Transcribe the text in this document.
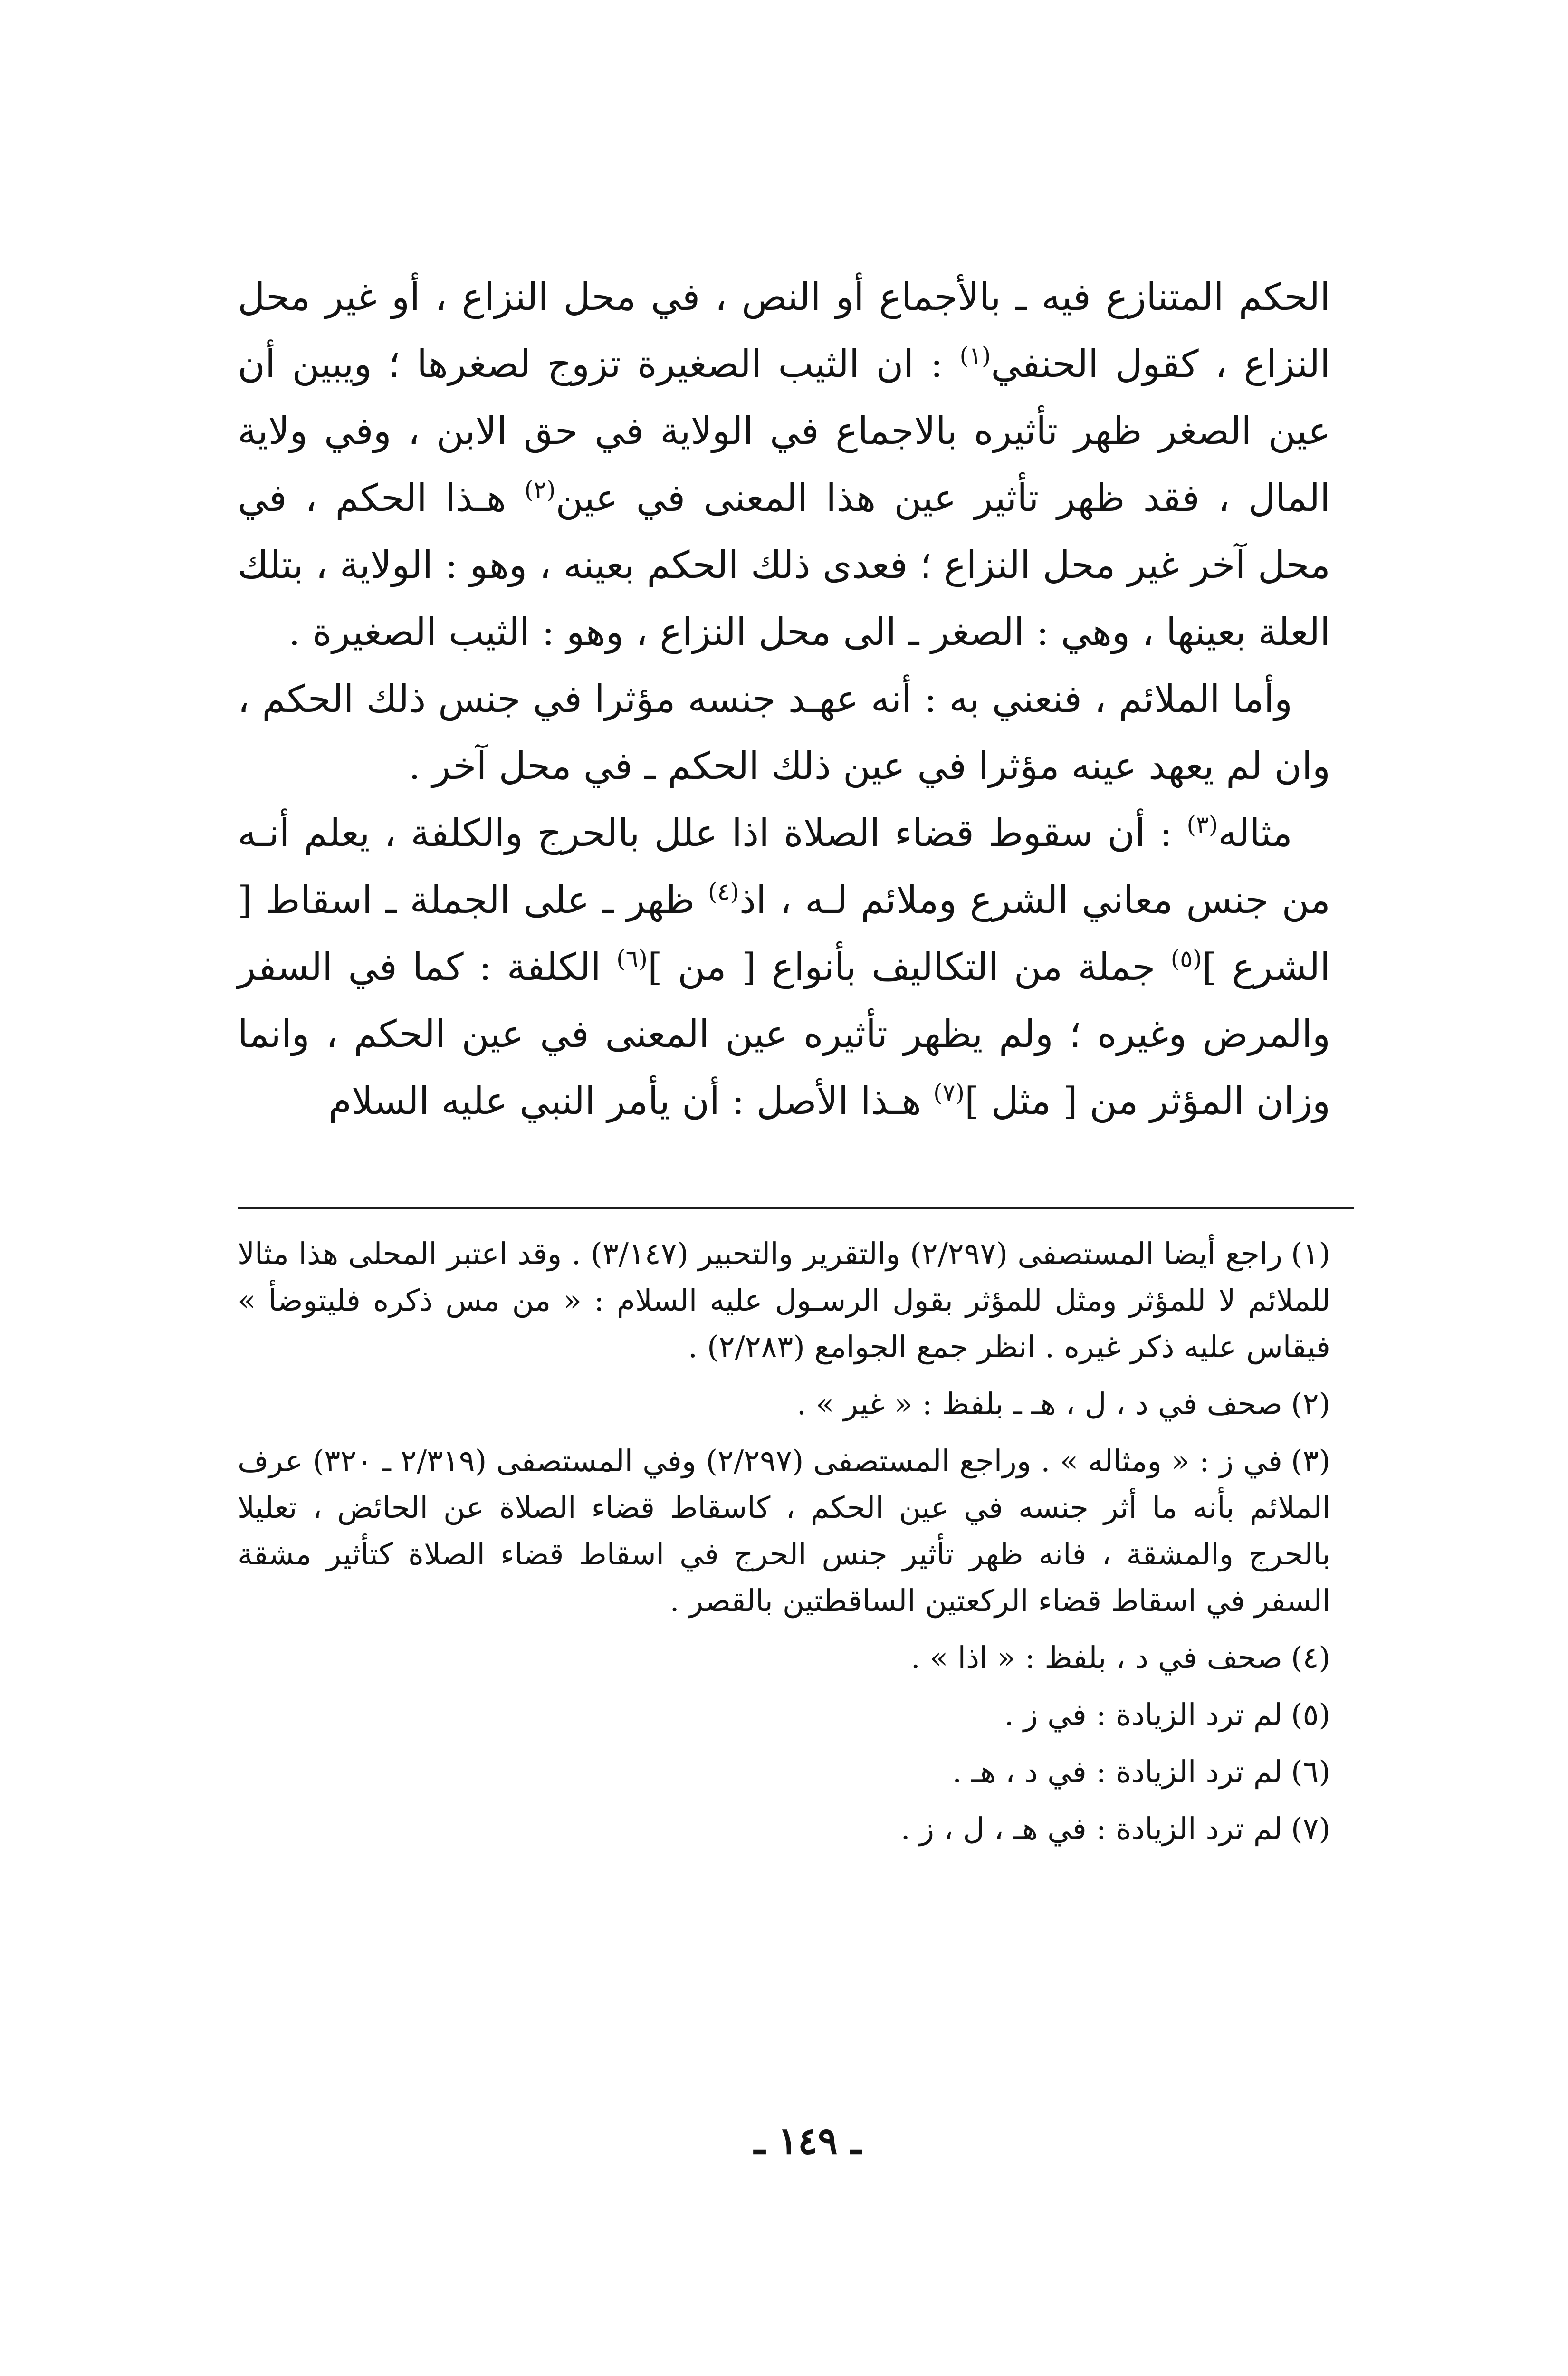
الحكم المتنازع فيه ـ بالأجماع أو النص ، في محل النزاع ، أو غير محل النزاع ، كقول الحنفي$^{(١)}$ : ان الثيب الصغيرة تزوج لصغرها ؛ ويبين أن عين الصغر ظهر تأثيره بالاجماع في الولاية في حق الابن ، وفي ولاية المال ، فقد ظهر تأثير عين هذا المعنى في عين$^{(٢)}$ هـذا الحكم ، في محل آخر غير محل النزاع ؛ فعدى ذلك الحكم بعينه ، وهو : الولاية ، بتلك العلة بعينها ، وهي : الصغر ـ الى محل النزاع ، وهو : الثيب الصغيرة .

وأما الملائم ، فنعني به : أنه عهـد جنسه مؤثرا في جنس ذلك الحكم ، وان لم يعهد عينه مؤثرا في عين ذلك الحكم ـ في محل آخر .

مثاله$^{(٣)}$ : أن سقوط قضاء الصلاة اذا علل بالحرج والكلفة ، يعلم أنـه من جنس معاني الشرع وملائم لـه ، اذ$^{(٤)}$ ظهر ـ على الجملة ـ اسقاط [ الشرع ]$^{(٥)}$ جملة من التكاليف بأنواع [ من ]$^{(٦)}$ الكلفة : كما في السفر والمرض وغيره ؛ ولم يظهر تأثيره عين المعنى في عين الحكم ، وانما وزان المؤثر من [ مثل ]$^{(٧)}$ هـذا الأصل : أن يأمر النبي عليه السلام

(١)راجع أيضا المستصفى (٢/٢٩٧) والتقرير والتحبير (٣/١٤٧) . وقد اعتبر المحلى هذا مثالا للملائم لا للمؤثر ومثل للمؤثر بقول الرسـول عليه السلام : « من مس ذكره فليتوضأ » فيقاس عليه ذكر غيره . انظر جمع الجوامع (٢/٢٨٣) .

(٢)صحف في د ، ل ، هـ ـ بلفظ : « غير » .

(٣)في ز : « ومثاله » . وراجع المستصفى (٢/٢٩٧) وفي المستصفى (٢/٣١٩ ـ ٣٢٠) عرف الملائم بأنه ما أثر جنسه في عين الحكم ، كاسقاط قضاء الصلاة عن الحائض ، تعليلا بالحرج والمشقة ، فانه ظهر تأثير جنس الحرج في اسقاط قضاء الصلاة كتأثير مشقة السفر في اسقاط قضاء الركعتين الساقطتين بالقصر .

(٤)صحف في د ، بلفظ : « اذا » .

(٥)لم ترد الزيادة : في ز .

(٦)لم ترد الزيادة : في د ، هـ .

(٧)لم ترد الزيادة : في هـ ، ل ، ز .

ـ ١٤٩ ـ
